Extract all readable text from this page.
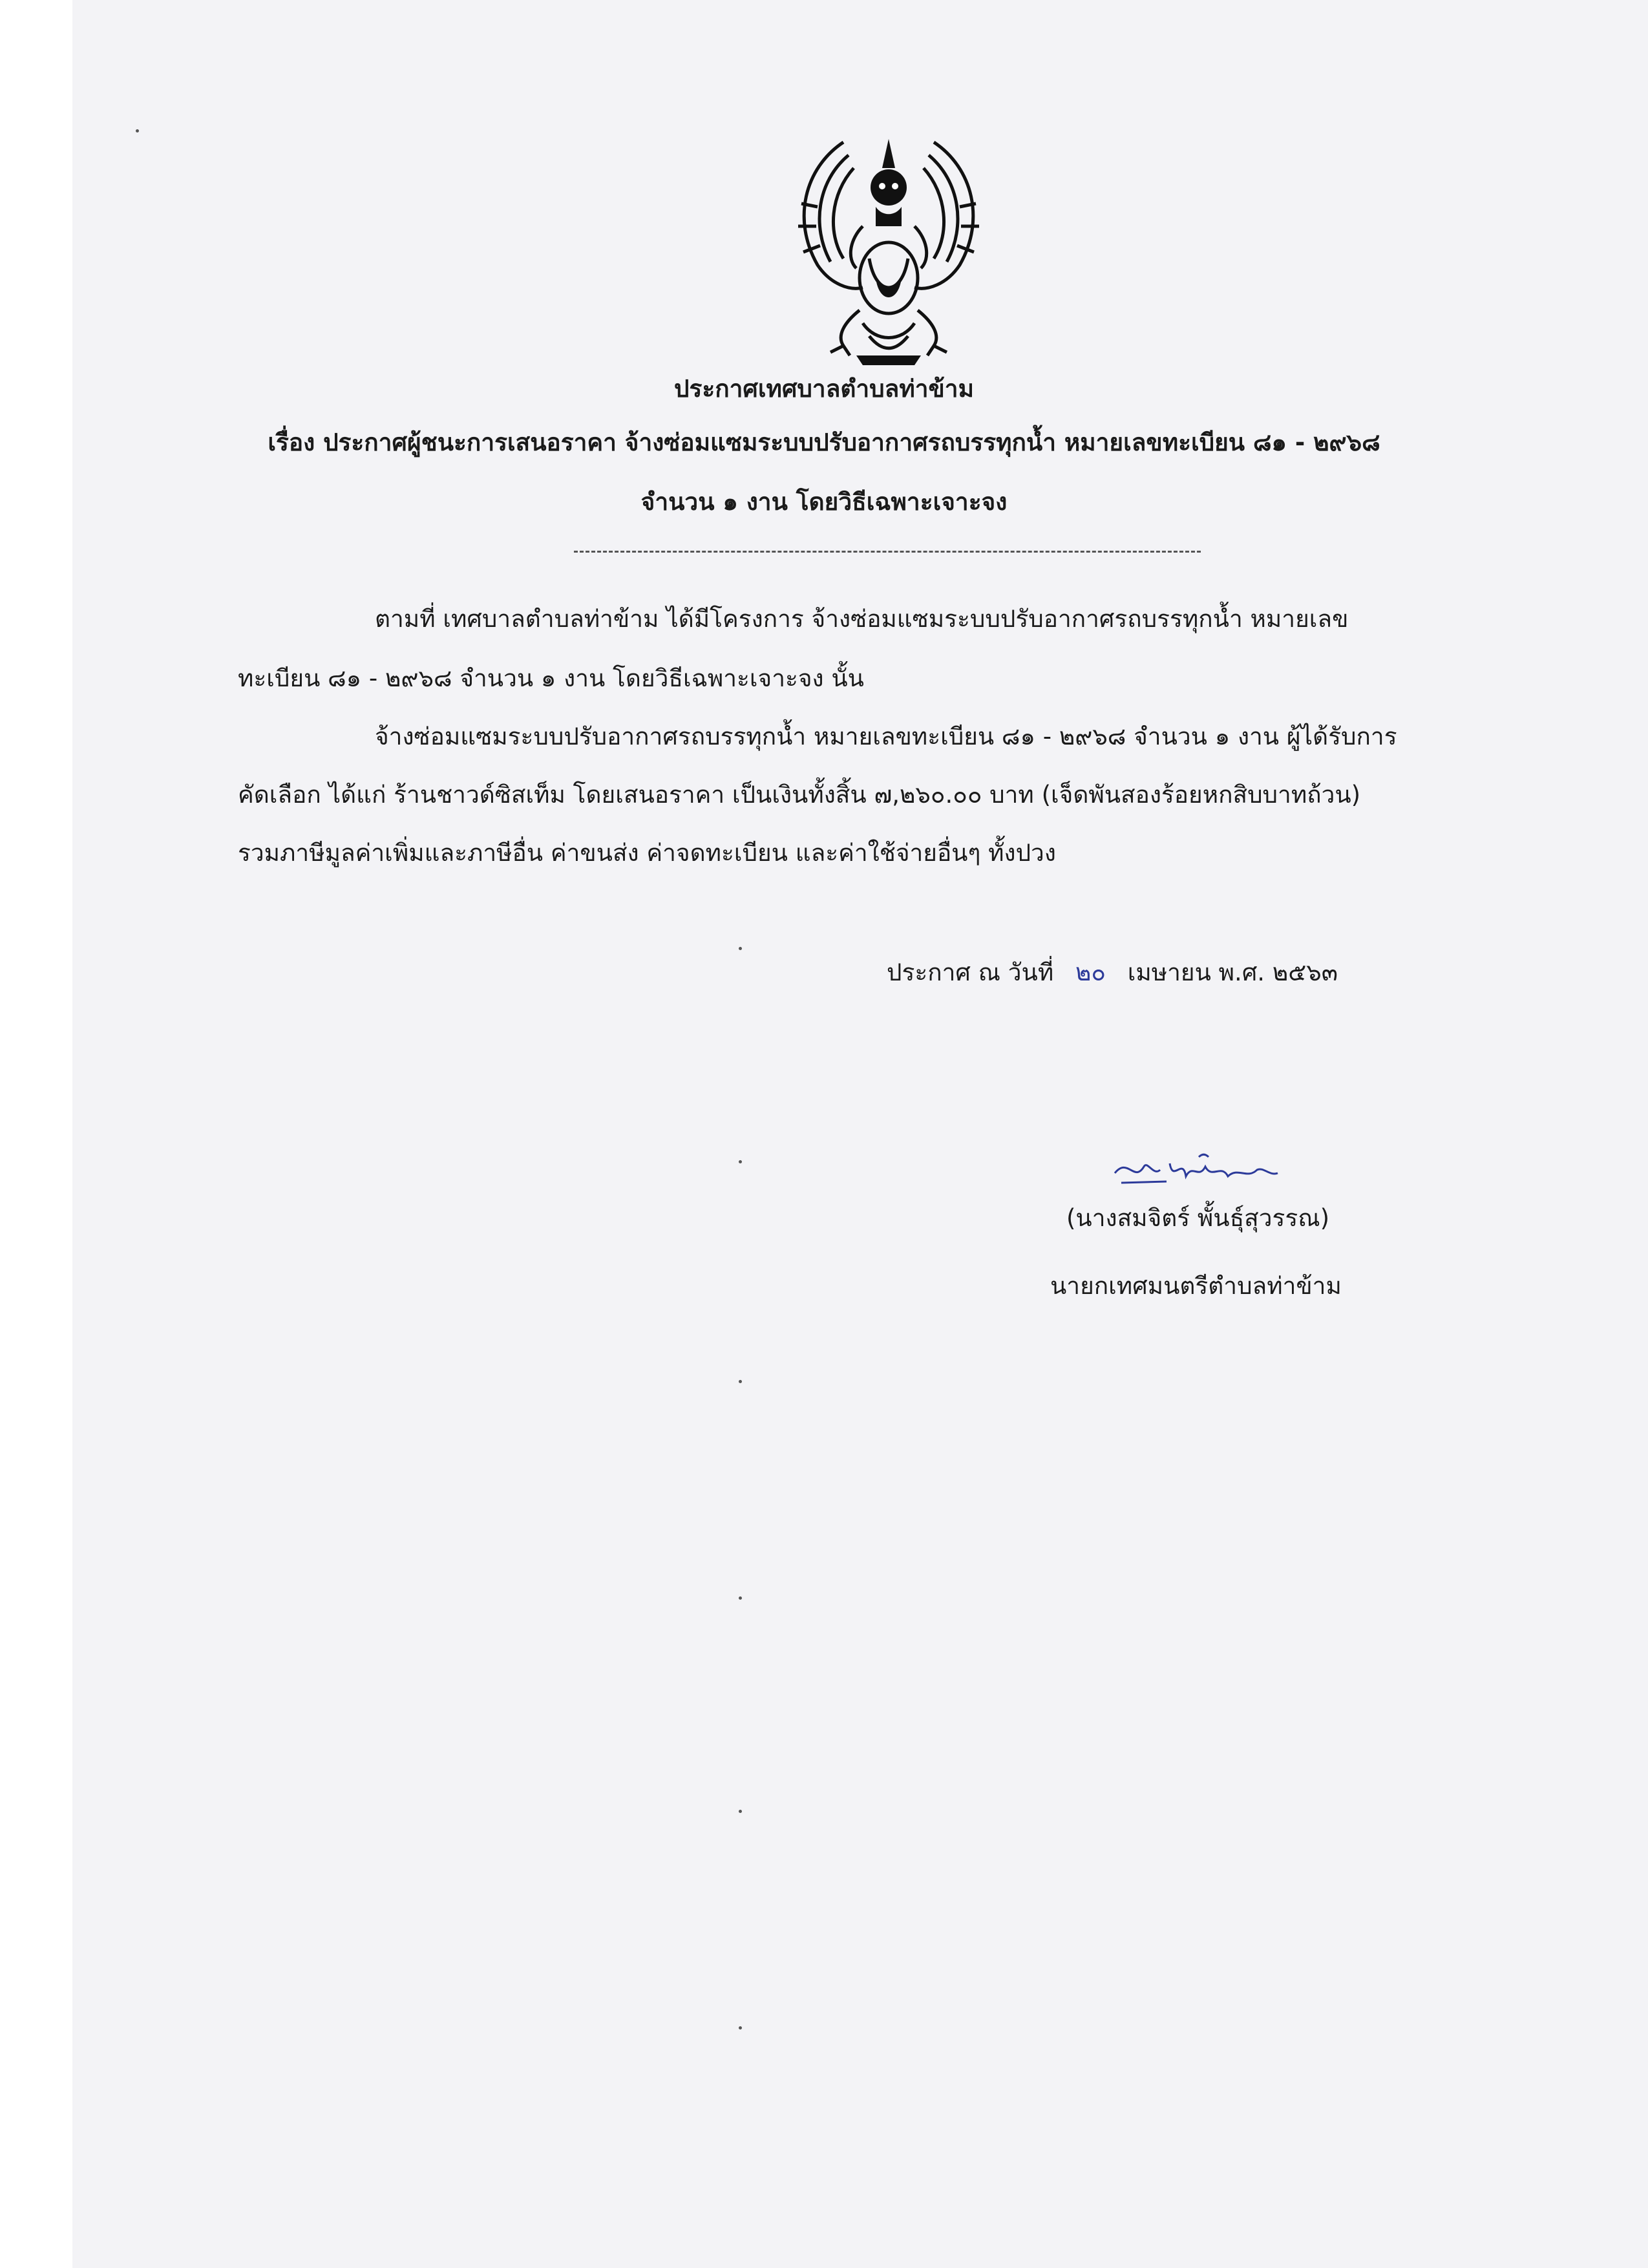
ประกาศเทศบาลตำบลท่าข้าม
เรื่อง ประกาศผู้ชนะการเสนอราคา จ้างซ่อมแซมระบบปรับอากาศรถบรรทุกน้ำ หมายเลขทะเบียน ๘๑ - ๒๙๖๘
จำนวน ๑ งาน โดยวิธีเฉพาะเจาะจง
ตามที่ เทศบาลตำบลท่าข้าม ได้มีโครงการ จ้างซ่อมแซมระบบปรับอากาศรถบรรทุกน้ำ หมายเลข
ทะเบียน ๘๑ - ๒๙๖๘ จำนวน ๑ งาน โดยวิธีเฉพาะเจาะจง นั้น
จ้างซ่อมแซมระบบปรับอากาศรถบรรทุกน้ำ หมายเลขทะเบียน ๘๑ - ๒๙๖๘ จำนวน ๑ งาน ผู้ได้รับการ
คัดเลือก ได้แก่ ร้านชาวด์ซิสเท็ม โดยเสนอราคา เป็นเงินทั้งสิ้น ๗,๒๖๐.๐๐ บาท (เจ็ดพันสองร้อยหกสิบบาทถ้วน)
รวมภาษีมูลค่าเพิ่มและภาษีอื่น ค่าขนส่ง ค่าจดทะเบียน และค่าใช้จ่ายอื่นๆ ทั้งปวง
ประกาศ ณ วันที่ ๒๐ เมษายน พ.ศ. ๒๕๖๓
(นางสมจิตร์ พั้นธุ์สุวรรณ)
นายกเทศมนตรีตำบลท่าข้าม
